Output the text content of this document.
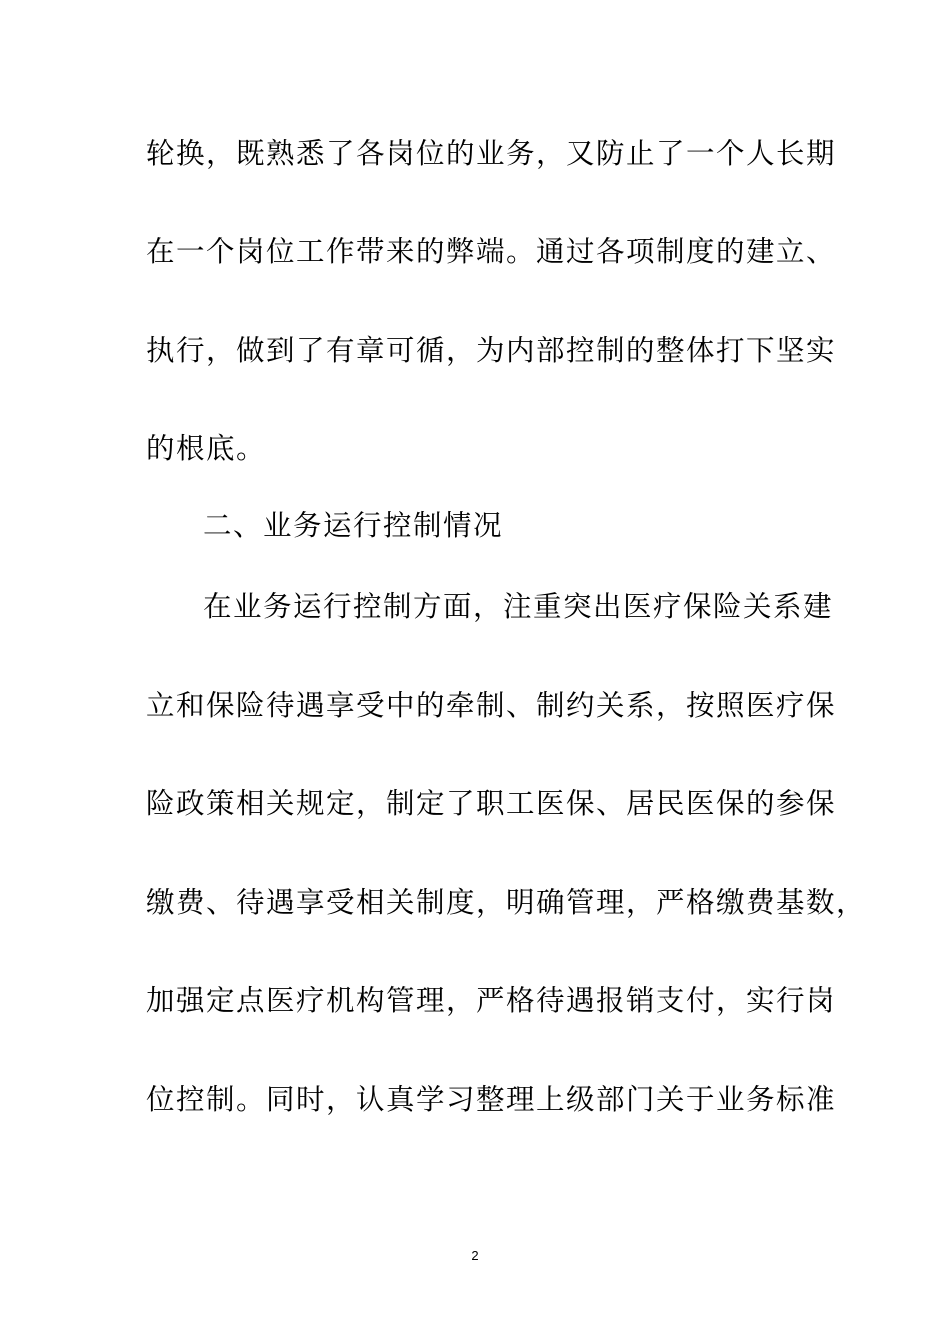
轮换，既熟悉了各岗位的业务，又防止了一个人长期
在一个岗位工作带来的弊端。通过各项制度的建立、
执行，做到了有章可循，为内部控制的整体打下坚实
的根底。
二、业务运行控制情况
在业务运行控制方面，注重突出医疗保险关系建
立和保险待遇享受中的牵制、制约关系，按照医疗保
险政策相关规定，制定了职工医保、居民医保的参保
缴费、待遇享受相关制度，明确管理，严格缴费基数，
加强定点医疗机构管理，严格待遇报销支付，实行岗
位控制。同时，认真学习整理上级部门关于业务标准
2
